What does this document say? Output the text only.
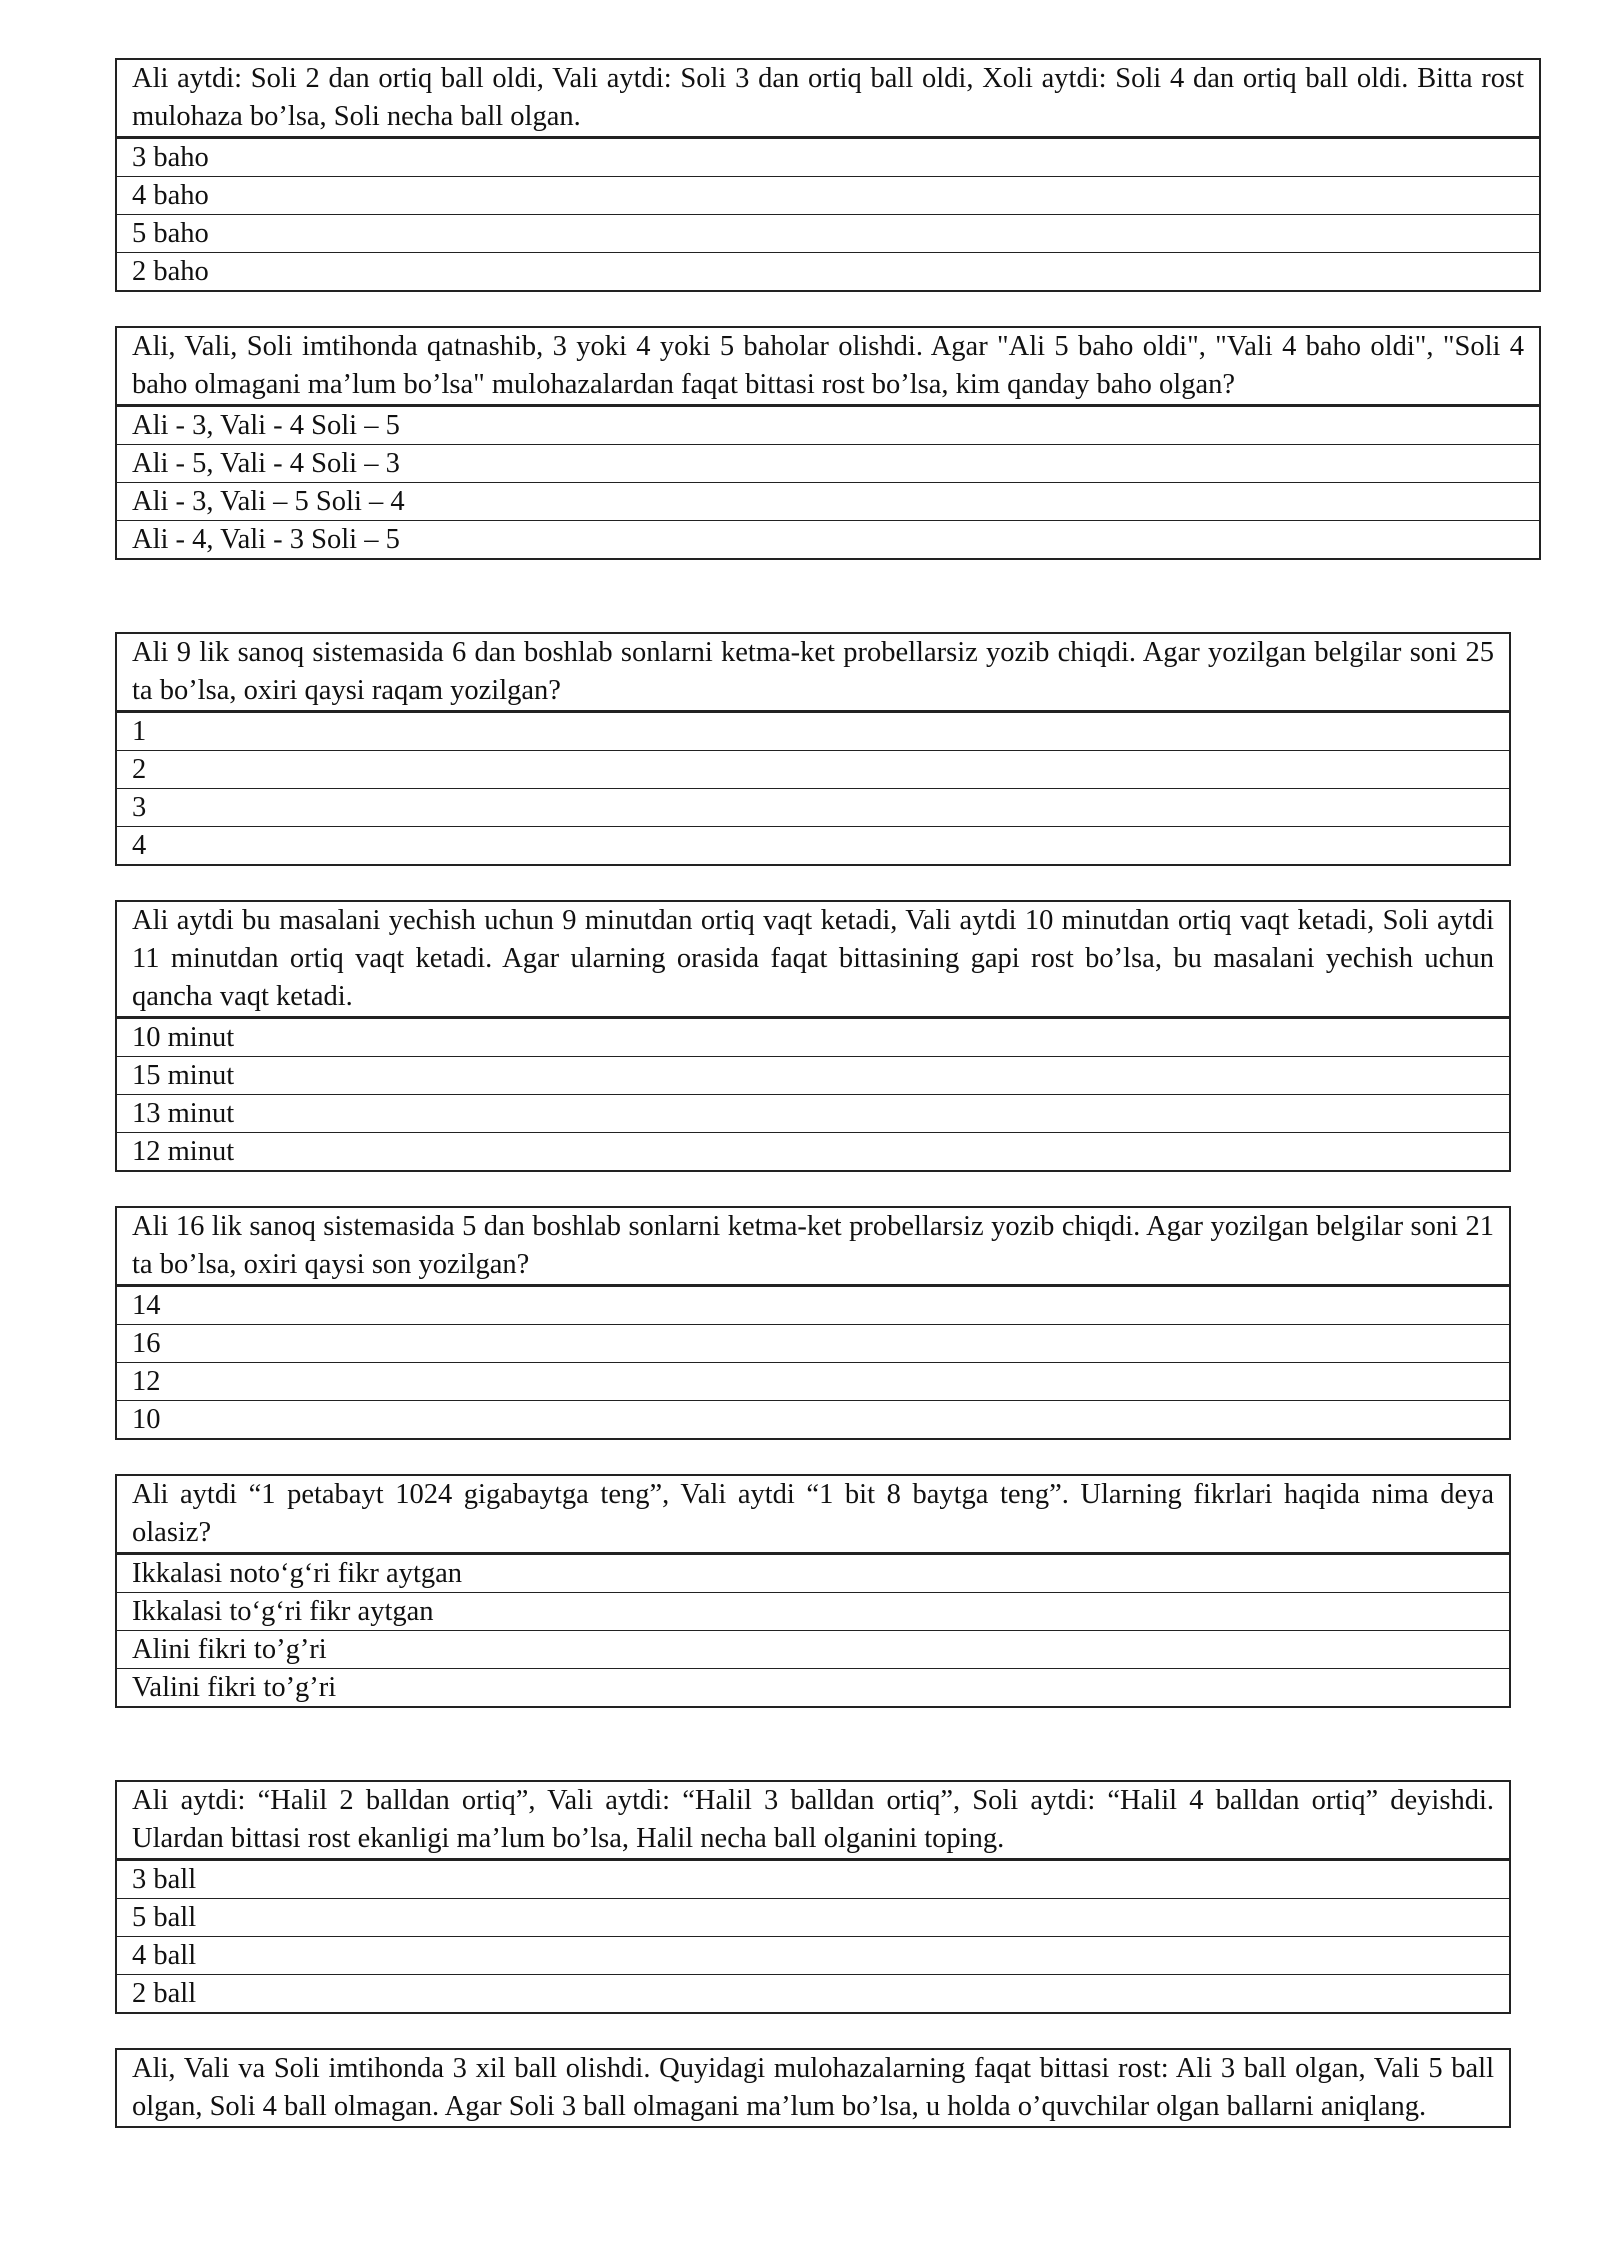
Ali aytdi: Soli 2 dan ortiq ball oldi, Vali aytdi: Soli 3 dan ortiq ball oldi, Xoli aytdi: Soli 4 dan ortiq ball oldi. Bitta rost mulohaza bo’lsa, Soli necha ball olgan.
3 baho
4 baho
5 baho
2 baho
Ali, Vali, Soli imtihonda qatnashib, 3 yoki 4 yoki 5 baholar olishdi. Agar "Ali 5 baho oldi", "Vali 4 baho oldi", "Soli 4 baho olmagani ma’lum bo’lsa" mulohazalardan faqat bittasi rost bo’lsa, kim qanday baho olgan?
Ali - 3, Vali - 4 Soli – 5
Ali - 5, Vali - 4 Soli – 3
Ali - 3, Vali – 5 Soli – 4
Ali - 4, Vali - 3 Soli – 5
Ali 9 lik sanoq sistemasida 6 dan boshlab sonlarni ketma-ket probellarsiz yozib chiqdi. Agar yozilgan belgilar soni 25 ta bo’lsa, oxiri qaysi raqam yozilgan?
1
2
3
4
Ali aytdi bu masalani yechish uchun 9 minutdan ortiq vaqt ketadi, Vali aytdi 10 minutdan ortiq vaqt ketadi, Soli aytdi 11 minutdan ortiq vaqt ketadi. Agar ularning orasida faqat bittasining gapi rost bo’lsa, bu masalani yechish uchun qancha vaqt ketadi.
10 minut
15 minut
13 minut
12 minut
Ali 16 lik sanoq sistemasida 5 dan boshlab sonlarni ketma-ket probellarsiz yozib chiqdi. Agar yozilgan belgilar soni 21 ta bo’lsa, oxiri qaysi son yozilgan?
14
16
12
10
Ali aytdi “1 petabayt 1024 gigabaytga teng”, Vali aytdi “1 bit 8 baytga teng”. Ularning fikrlari haqida nima deya olasiz?
Ikkalasi noto‘g‘ri fikr aytgan
Ikkalasi to‘g‘ri fikr aytgan
Alini fikri to’g’ri
Valini fikri to’g’ri
Ali aytdi: “Halil 2 balldan ortiq”, Vali aytdi: “Halil 3 balldan ortiq”, Soli aytdi: “Halil 4 balldan ortiq” deyishdi. Ulardan bittasi rost ekanligi ma’lum bo’lsa, Halil necha ball olganini toping.
3 ball
5 ball
4 ball
2 ball
Ali, Vali va Soli imtihonda 3 xil ball olishdi. Quyidagi mulohazalarning faqat bittasi rost: Ali 3 ball olgan, Vali 5 ball olgan, Soli 4 ball olmagan. Agar Soli 3 ball olmagani ma’lum bo’lsa, u holda o’quvchilar olgan ballarni aniqlang.
